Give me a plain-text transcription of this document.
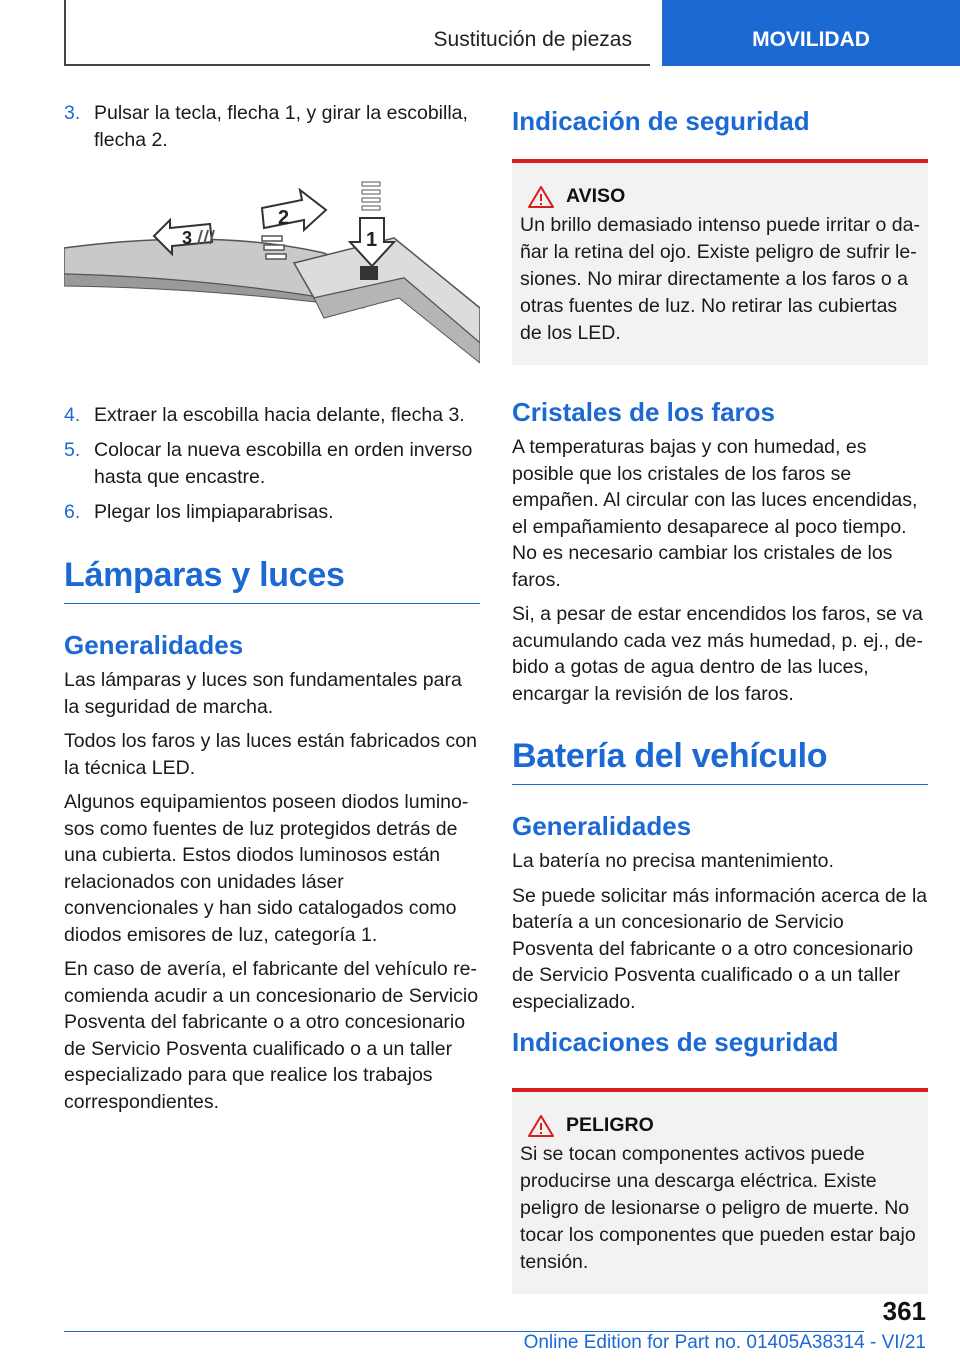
Sustitución de piezas	MOVILIDAD
3. Pulsar la tecla, flecha 1, y girar la escobilla, flecha 2.
1
2
3
4. Extraer la escobilla hacia delante, flecha 3.
5. Colocar la nueva escobilla en orden inverso hasta que encastre.
6. Plegar los limpiaparabrisas.
Lámparas y luces
Generalidades

Las lámparas y luces son fundamentales para la seguridad de marcha.

Todos los faros y las luces están fabricados con la técnica LED.

Algunos equipamientos poseen diodos luminosos como fuentes de luz protegidos detrás de una cubierta. Estos diodos luminosos están relacionados con unidades láser convencionales y han sido catalogados como diodos emisores de luz, categoría 1.

En caso de avería, el fabricante del vehículo recomienda acudir a un concesionario de Servicio Posventa del fabricante o a otro concesionario de Servicio Posventa cualificado o a un taller especializado para que realice los trabajos correspondientes.

Indicación de seguridad
AVISO

Un brillo demasiado intenso puede irritar o dañar la retina del ojo. Existe peligro de sufrir lesiones. No mirar directamente a los faros o a otras fuentes de luz. No retirar las cubiertas de los LED.

Cristales de los faros

A temperaturas bajas y con humedad, es posible que los cristales de los faros se empañen. Al circular con las luces encendidas, el empañamiento desaparece al poco tiempo. No es necesario cambiar los cristales de los faros.

Si, a pesar de estar encendidos los faros, se va acumulando cada vez más humedad, p. ej., debido a gotas de agua dentro de las luces, encargar la revisión de los faros.

Batería del vehículo
Generalidades

La batería no precisa mantenimiento.

Se puede solicitar más información acerca de la batería a un concesionario de Servicio Posventa del fabricante o a otro concesionario de Servicio Posventa cualificado o a un taller especializado.

Indicaciones de seguridad
PELIGRO

Si se tocan componentes activos puede producirse una descarga eléctrica. Existe peligro de lesionarse o peligro de muerte. No tocar los componentes que pueden estar bajo tensión.

361
Online Edition for Part no. 01405A38314 - VI/21
